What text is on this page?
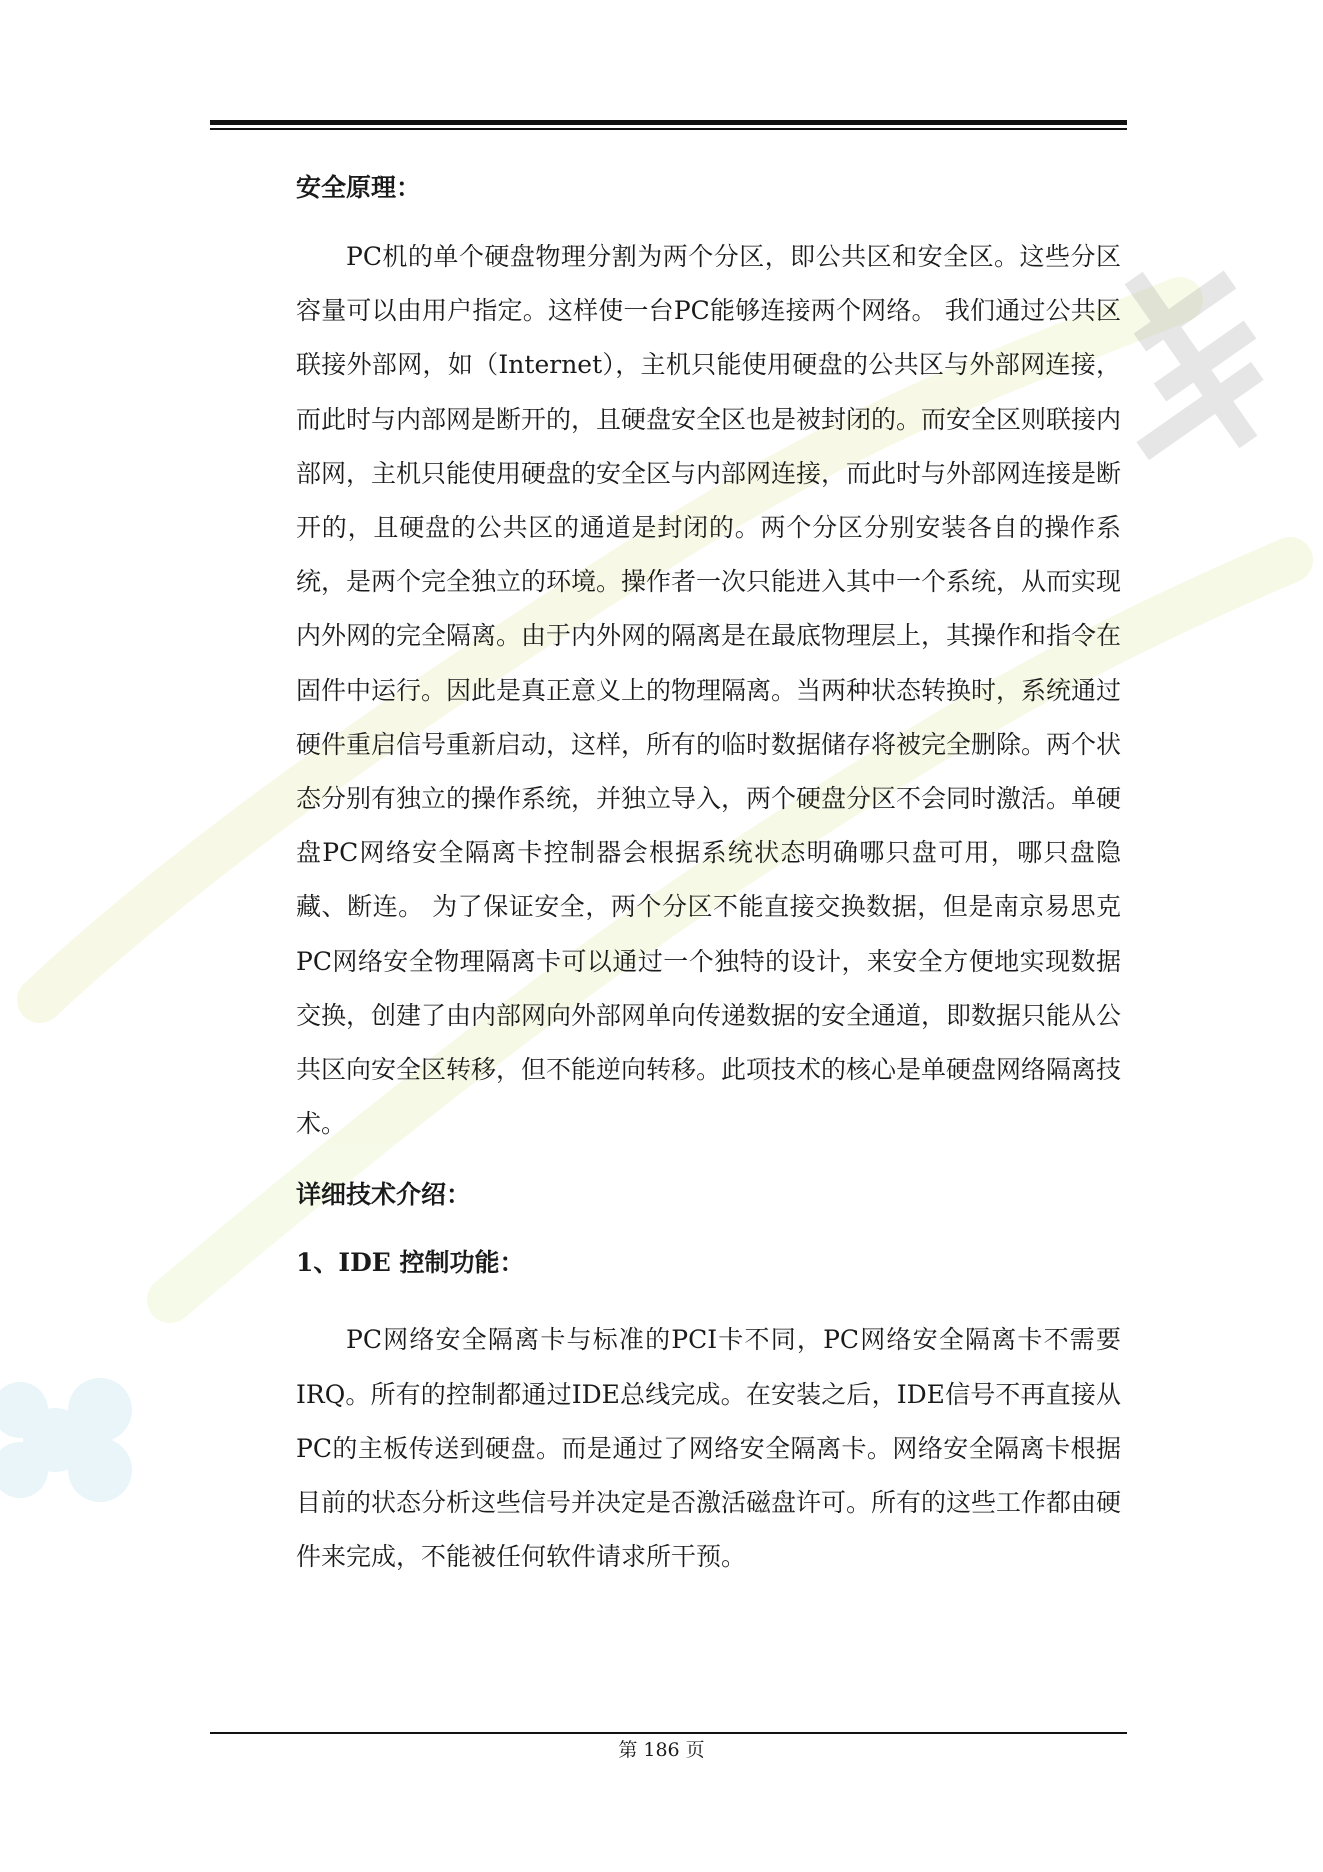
安全原理：

PC机的单个硬盘物理分割为两个分区，即公共区和安全区。这些分区容量可以由用户指定。这样使一台PC能够连接两个网络。 我们通过公共区联接外部网，如（Internet），主机只能使用硬盘的公共区与外部网连接，而此时与内部网是断开的，且硬盘安全区也是被封闭的。而安全区则联接内部网，主机只能使用硬盘的安全区与内部网连接，而此时与外部网连接是断开的，且硬盘的公共区的通道是封闭的。两个分区分别安装各自的操作系统，是两个完全独立的环境。操作者一次只能进入其中一个系统，从而实现内外网的完全隔离。由于内外网的隔离是在最底物理层上，其操作和指令在固件中运行。因此是真正意义上的物理隔离。当两种状态转换时，系统通过硬件重启信号重新启动，这样，所有的临时数据储存将被完全删除。两个状态分别有独立的操作系统，并独立导入，两个硬盘分区不会同时激活。单硬盘PC网络安全隔离卡控制器会根据系统状态明确哪只盘可用，哪只盘隐藏、断连。 为了保证安全，两个分区不能直接交换数据，但是南京易思克PC网络安全物理隔离卡可以通过一个独特的设计，来安全方便地实现数据交换，创建了由内部网向外部网单向传递数据的安全通道，即数据只能从公共区向安全区转移，但不能逆向转移。此项技术的核心是单硬盘网络隔离技术。

详细技术介绍：
1、IDE 控制功能：

PC网络安全隔离卡与标准的PCI卡不同，PC网络安全隔离卡不需要IRQ。所有的控制都通过IDE总线完成。在安装之后，IDE信号不再直接从PC的主板传送到硬盘。而是通过了网络安全隔离卡。网络安全隔离卡根据目前的状态分析这些信号并决定是否激活磁盘许可。所有的这些工作都由硬件来完成，不能被任何软件请求所干预。

第 186 页
